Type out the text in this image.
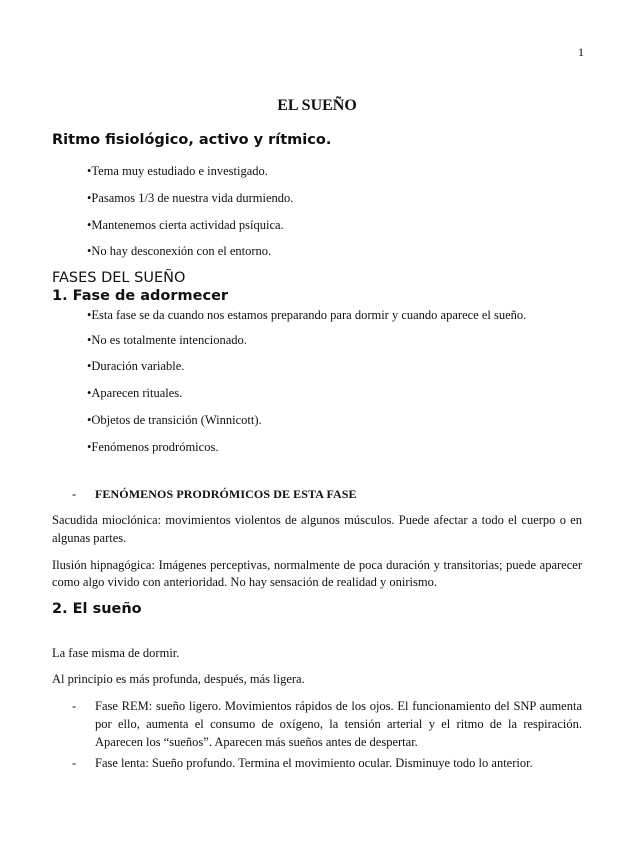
1
EL SUEÑO
Ritmo fisiológico, activo y rítmico.
•Tema muy estudiado e investigado.
•Pasamos 1/3 de nuestra vida durmiendo.
•Mantenemos cierta actividad psíquica.
•No hay desconexión con el entorno.
FASES DEL SUEÑO
1. Fase de adormecer
•Esta fase se da cuando nos estamos preparando para dormir y cuando aparece el sueño.
•No es totalmente intencionado.
•Duración variable.
•Aparecen rituales.
•Objetos de transición (Winnicott).
•Fenómenos prodrómicos.
- FENÓMENOS PRODRÓMICOS DE ESTA FASE
Sacudida mioclónica: movimientos violentos de algunos músculos. Puede afectar a todo el cuerpo o en algunas partes.
Ilusión hipnagógica: Imágenes perceptivas, normalmente de poca duración y transitorias; puede aparecer como algo vivido con anterioridad. No hay sensación de realidad y onirismo.
2. El sueño
La fase misma de dormir.
Al principio es más profunda, después, más ligera.
- Fase REM: sueño ligero. Movimientos rápidos de los ojos. El funcionamiento del SNP aumenta por ello, aumenta el consumo de oxígeno, la tensión arterial y el ritmo de la respiración. Aparecen los “sueños”. Aparecen más sueños antes de despertar.
- Fase lenta: Sueño profundo. Termina el movimiento ocular. Disminuye todo lo anterior.
